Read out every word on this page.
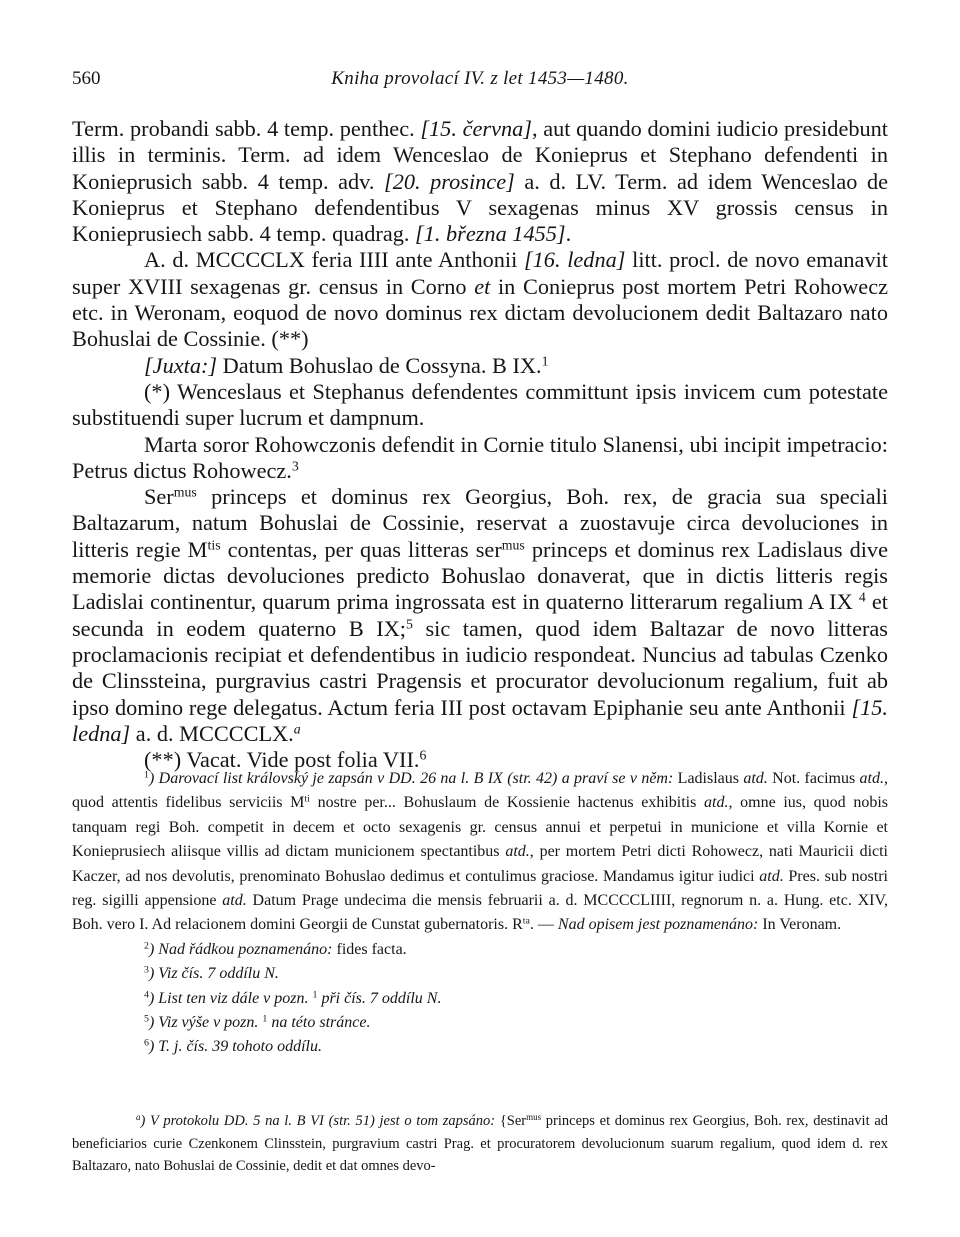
560	Kniha provolací IV. z let 1453—1480.

Term. probandi sabb. 4 temp. penthec. [15. června], aut quando domini iudicio presidebunt illis in terminis. Term. ad idem Wenceslao de Konieprus et Stephano defendenti in Konieprusich sabb. 4 temp. adv. [20. prosince] a. d. LV. Term. ad idem Wenceslao de Konieprus et Stephano defendentibus V sexagenas minus XV grossis census in Konieprusiech sabb. 4 temp. quadrag. [1. března 1455].

A. d. MCCCCLX feria IIII ante Anthonii [16. ledna] litt. procl. de novo emanavit super XVIII sexagenas gr. census in Corno et in Conieprus post mortem Petri Rohowecz etc. in Weronam, eoquod de novo dominus rex dictam devolucionem dedit Baltazaro nato Bohuslai de Cossinie. (**)

[Juxta:] Datum Bohuslao de Cossyna. B IX.$^1$

(*) Wenceslaus et Stephanus defendentes committunt ipsis invicem cum potestate substituendi super lucrum et dampnum.

Marta soror Rohowczonis defendit in Cornie titulo Slanensi, ubi incipit impetracio: Petrus dictus Rohowecz.$^3$

Ser$^{mus}$ princeps et dominus rex Georgius, Boh. rex, de gracia sua speciali Baltazarum, natum Bohuslai de Cossinie, reservat a zuostavuje circa devoluciones in litteris regie $M^{tis}$ contentas, per quas litteras ser$^{mus}$ princeps et dominus rex Ladislaus dive memorie dictas devoluciones predicto Bohuslao donaverat, que in dictis litteris regis Ladislai continentur, quarum prima ingrossata est in quaterno litterarum regalium A IX $^4$ et secunda in eodem quaterno B IX;$^5$ sic tamen, quod idem Baltazar de novo litteras proclamacionis recipiat et defendentibus in iudicio respondeat. Nuncius ad tabulas Czenko de Clinssteina, purgravius castri Pragensis et procurator devolucionum regalium, fuit ab ipso domino rege delegatus. Actum feria III post octavam Epiphanie seu ante Anthonii [15. ledna] a. d. MCCCCLX.$^a$

(**) Vacat. Vide post folia VII.$^6$

$^1$) Darovací list královský je zapsán v DD. 26 na l. B IX (str. 42) a praví se v něm: Ladislaus atd. Not. facimus atd., quod attentis fidelibus serviciis $M^{ti}$ nostre per... Bohuslaum de Kossienie hactenus exhibitis atd., omne ius, quod nobis tanquam regi Boh. competit in decem et octo sexagenis gr. census annui et perpetui in municione et villa Kornie et Konieprusiech aliisque villis ad dictam municionem spectantibus atd., per mortem Petri dicti Rohowecz, nati Mauricii dicti Kaczer, ad nos devolutis, prenominato Bohuslao dedimus et contulimus graciose. Mandamus igitur iudici atd. Pres. sub nostri reg. sigilli appensione atd. Datum Prage undecima die mensis februarii a. d. MCCCCLIIII, regnorum n. a. Hung. etc. XIV, Boh. vero I. Ad relacionem domini Georgii de Cunstat gubernatoris. $R^{ta}$. — Nad opisem jest poznamenáno: In Veronam.

$^2$) Nad řádkou poznamenáno: fides facta.

$^3$) Viz čís. 7 oddílu N.

$^4$) List ten viz dále v pozn. $^1$ při čís. 7 oddílu N.

$^5$) Viz výše v pozn. $^1$ na této stránce.

$^6$) T. j. čís. 39 tohoto oddílu.

$^a$) V protokolu DD. 5 na l. B VI (str. 51) jest o tom zapsáno: {Ser$^{mus}$ princeps et dominus rex Georgius, Boh. rex, destinavit ad beneficiarios curie Czenkonem Clinsstein, purgravium castri Prag. et procuratorem devolucionum suarum regalium, quod idem d. rex Baltazaro, nato Bohuslai de Cossinie, dedit et dat omnes devo-
